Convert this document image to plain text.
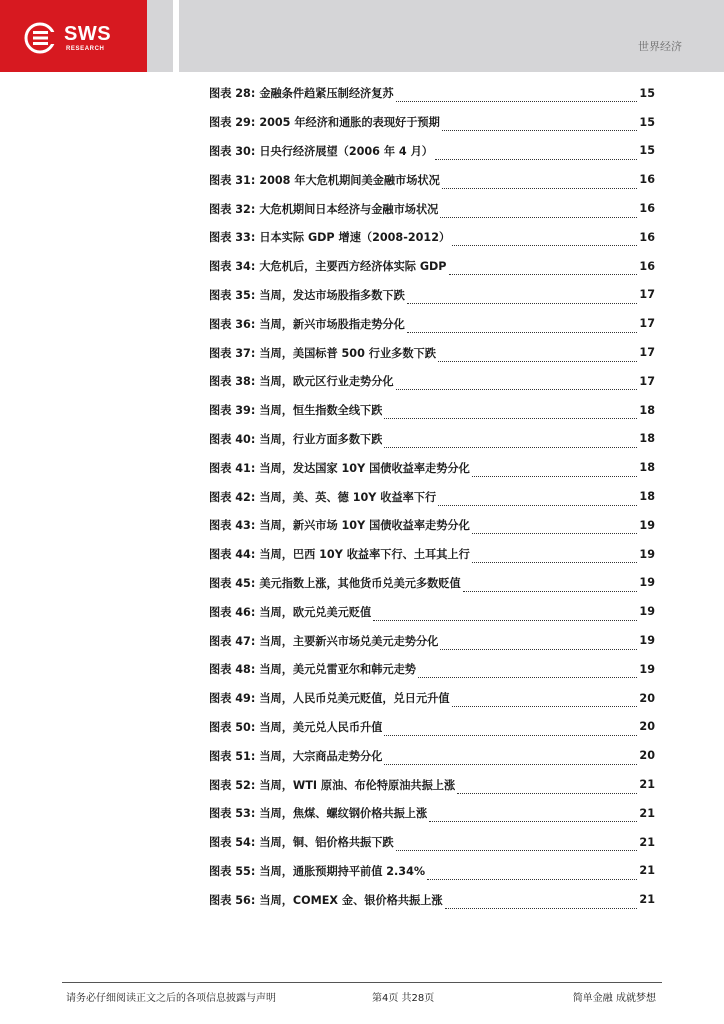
SWS
RESEARCH	世界经济
图表 28: 金融条件趋紧压制经济复苏	15
图表 29: 2005 年经济和通胀的表现好于预期	15
图表 30: 日央行经济展望（2006 年 4 月）	15
图表 31: 2008 年大危机期间美金融市场状况	16
图表 32: 大危机期间日本经济与金融市场状况	16
图表 33: 日本实际 GDP 增速（2008-2012）	16
图表 34: 大危机后，主要西方经济体实际 GDP	16
图表 35: 当周，发达市场股指多数下跌	17
图表 36: 当周，新兴市场股指走势分化	17
图表 37: 当周，美国标普 500 行业多数下跌	17
图表 38: 当周，欧元区行业走势分化	17
图表 39: 当周，恒生指数全线下跌	18
图表 40: 当周，行业方面多数下跌	18
图表 41: 当周，发达国家 10Y 国债收益率走势分化	18
图表 42: 当周，美、英、德 10Y 收益率下行	18
图表 43: 当周，新兴市场 10Y 国债收益率走势分化	19
图表 44: 当周，巴西 10Y 收益率下行、土耳其上行	19
图表 45: 美元指数上涨，其他货币兑美元多数贬值	19
图表 46: 当周，欧元兑美元贬值	19
图表 47: 当周，主要新兴市场兑美元走势分化	19
图表 48: 当周，美元兑雷亚尔和韩元走势	19
图表 49: 当周，人民币兑美元贬值，兑日元升值	20
图表 50: 当周，美元兑人民币升值	20
图表 51: 当周，大宗商品走势分化	20
图表 52: 当周，WTI 原油、布伦特原油共振上涨	21
图表 53: 当周，焦煤、螺纹钢价格共振上涨	21
图表 54: 当周，铜、铝价格共振下跌	21
图表 55: 当周，通胀预期持平前值 2.34%	21
图表 56: 当周，COMEX 金、银价格共振上涨	21
请务必仔细阅读正文之后的各项信息披露与声明	第4页 共28页	简单金融 成就梦想
